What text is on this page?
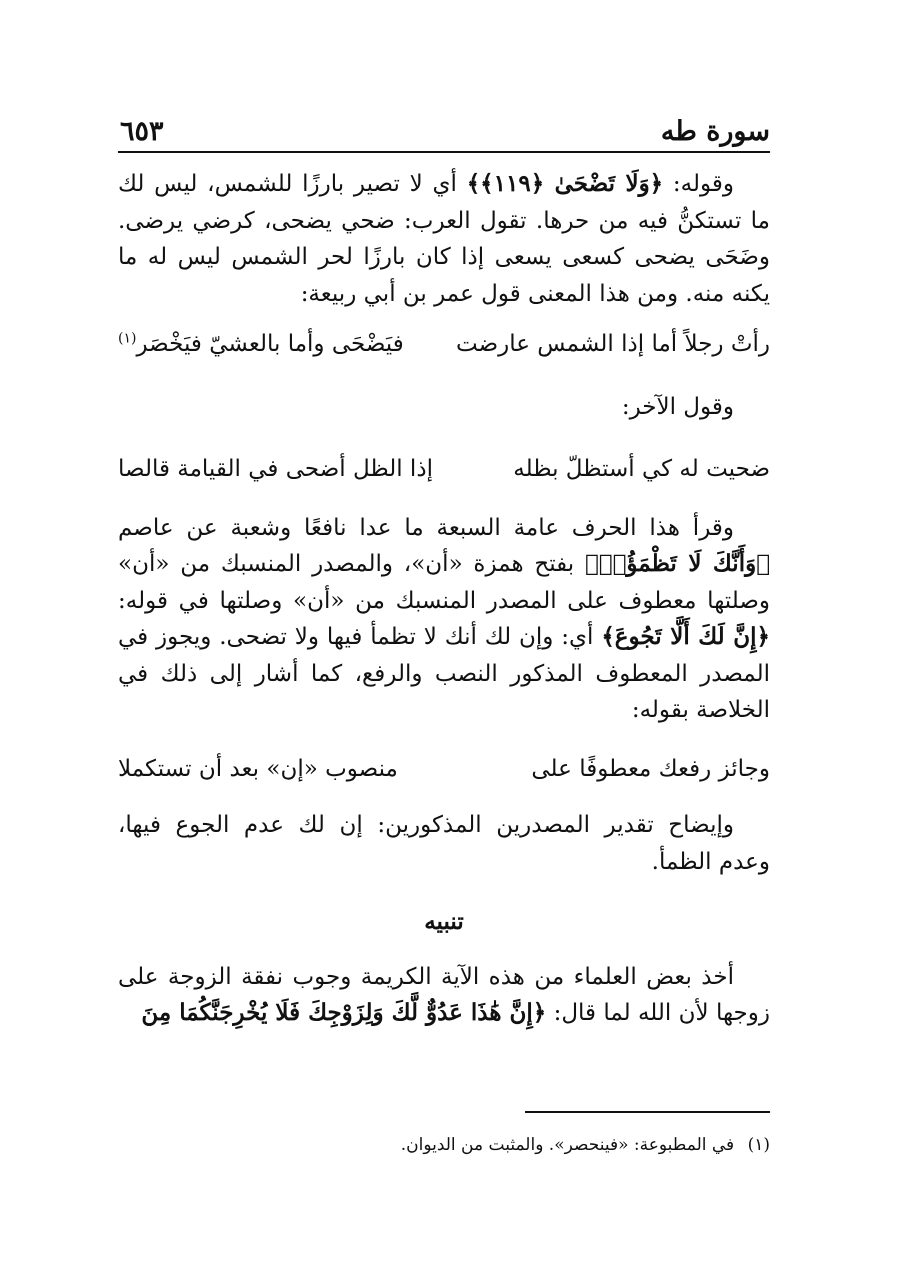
سورة طه
٦٥٣

وقوله: ﴿وَلَا تَضْحَىٰ ﴿١١٩﴾﴾ أي لا تصير بارزًا للشمس، ليس لك ما تستكنُّ فيه من حرها. تقول العرب: ضحي يضحى، كرضي يرضى. وضَحَى يضحى كسعى يسعى إذا كان بارزًا لحر الشمس ليس له ما يكنه منه. ومن هذا المعنى قول عمر بن أبي ربيعة:

رأتْ رجلاً أما إذا الشمس عارضت
فيَضْحَى وأما بالعشيّ فيَخْصَر$^{(١)}$

وقول الآخر:

ضحيت له كي أستظلّ بظله
إذا الظل أضحى في القيامة قالصا

وقرأ هذا الحرف عامة السبعة ما عدا نافعًا وشعبة عن عاصم ﴿وَأَنَّكَ لَا تَظْمَؤُا۟﴾ بفتح همزة «أن»، والمصدر المنسبك من «أن» وصلتها معطوف على المصدر المنسبك من «أن» وصلتها في قوله: ﴿إِنَّ لَكَ أَلَّا تَجُوعَ﴾ أي: وإن لك أنك لا تظمأ فيها ولا تضحى. ويجوز في المصدر المعطوف المذكور النصب والرفع، كما أشار إلى ذلك في الخلاصة بقوله:

وجائز رفعك معطوفًا على
منصوب «إن» بعد أن تستكملا

وإيضاح تقدير المصدرين المذكورين: إن لك عدم الجوع فيها، وعدم الظمأ.

تنبيه

أخذ بعض العلماء من هذه الآية الكريمة وجوب نفقة الزوجة على زوجها لأن الله لما قال: ﴿إِنَّ هَٰذَا عَدُوٌّ لَّكَ وَلِزَوْجِكَ فَلَا يُخْرِجَنَّكُمَا مِنَ

(١) في المطبوعة: «فينحصر». والمثبت من الديوان.
